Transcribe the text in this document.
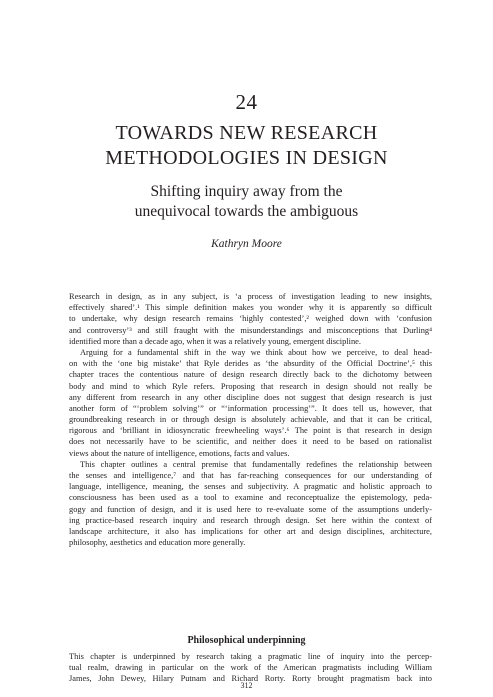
24
TOWARDS NEW RESEARCH
METHODOLOGIES IN DESIGN
Shifting inquiry away from the
unequivocal towards the ambiguous
Kathryn Moore
Research in design, as in any subject, is ‘a process of investigation leading to new insights,
effectively shared’.¹ This simple definition makes you wonder why it is apparently so difficult
to undertake, why design research remains ‘highly contested’,² weighed down with ‘confusion
and controversy’³ and still fraught with the misunderstandings and misconceptions that Durling⁴
identified more than a decade ago, when it was a relatively young, emergent discipline.
Arguing for a fundamental shift in the way we think about how we perceive, to deal head-
on with the ‘one big mistake’ that Ryle derides as ‘the absurdity of the Official Doctrine’,⁵ this
chapter traces the contentious nature of design research directly back to the dichotomy between
body and mind to which Ryle refers. Proposing that research in design should not really be
any different from research in any other discipline does not suggest that design research is just
another form of “‘problem solving’” or “‘information processing’”. It does tell us, however, that
groundbreaking research in or through design is absolutely achievable, and that it can be critical,
rigorous and ‘brilliant in idiosyncratic freewheeling ways’.⁶ The point is that research in design
does not necessarily have to be scientific, and neither does it need to be based on rationalist
views about the nature of intelligence, emotions, facts and values.
This chapter outlines a central premise that fundamentally redefines the relationship between
the senses and intelligence,⁷ and that has far-reaching consequences for our understanding of
language, intelligence, meaning, the senses and subjectivity. A pragmatic and holistic approach to
consciousness has been used as a tool to examine and reconceptualize the epistemology, peda-
gogy and function of design, and it is used here to re-evaluate some of the assumptions underly-
ing practice-based research inquiry and research through design. Set here within the context of
landscape architecture, it also has implications for other art and design disciplines, architecture,
philosophy, aesthetics and education more generally.
Philosophical underpinning
This chapter is underpinned by research taking a pragmatic line of inquiry into the percep-
tual realm, drawing in particular on the work of the American pragmatists including William
James, John Dewey, Hilary Putnam and Richard Rorty. Rorty brought pragmatism back into
312
